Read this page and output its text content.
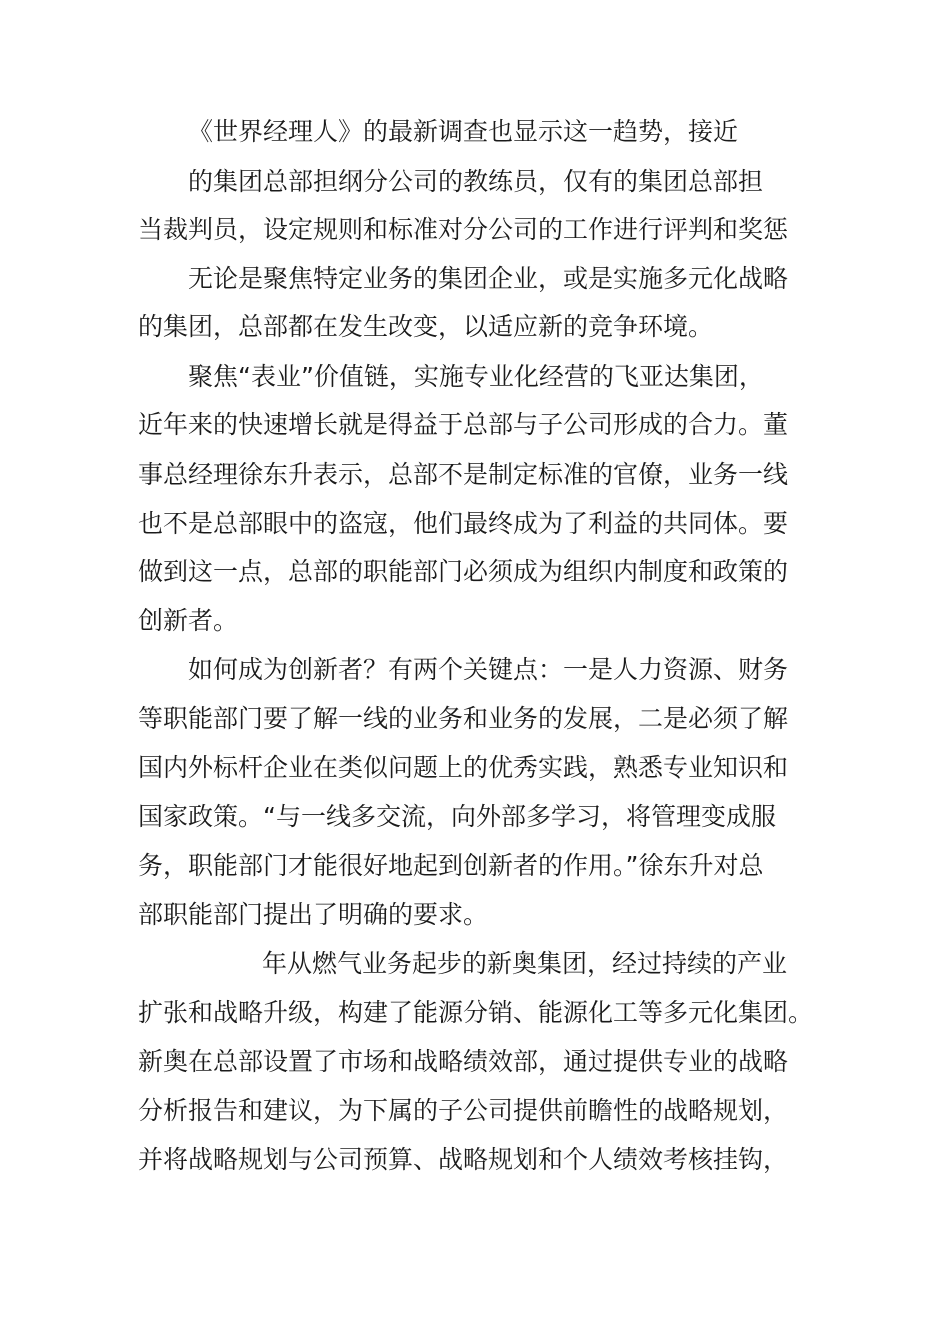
《世界经理人》的最新调查也显示这一趋势，接近
的集团总部担纲分公司的教练员，仅有的集团总部担
当裁判员，设定规则和标准对分公司的工作进行评判和奖惩
无论是聚焦特定业务的集团企业，或是实施多元化战略
的集团，总部都在发生改变，以适应新的竞争环境。
聚焦“表业”价值链，实施专业化经营的飞亚达集团，
近年来的快速增长就是得益于总部与子公司形成的合力。董
事总经理徐东升表示，总部不是制定标准的官僚，业务一线
也不是总部眼中的盗寇，他们最终成为了利益的共同体。要
做到这一点，总部的职能部门必须成为组织内制度和政策的
创新者。
如何成为创新者？有两个关键点：一是人力资源、财务
等职能部门要了解一线的业务和业务的发展，二是必须了解
国内外标杆企业在类似问题上的优秀实践，熟悉专业知识和
国家政策。“与一线多交流，向外部多学习，将管理变成服
务，职能部门才能很好地起到创新者的作用。”徐东升对总
部职能部门提出了明确的要求。
年从燃气业务起步的新奥集团，经过持续的产业
扩张和战略升级，构建了能源分销、能源化工等多元化集团。
新奥在总部设置了市场和战略绩效部，通过提供专业的战略
分析报告和建议，为下属的子公司提供前瞻性的战略规划，
并将战略规划与公司预算、战略规划和个人绩效考核挂钩，
